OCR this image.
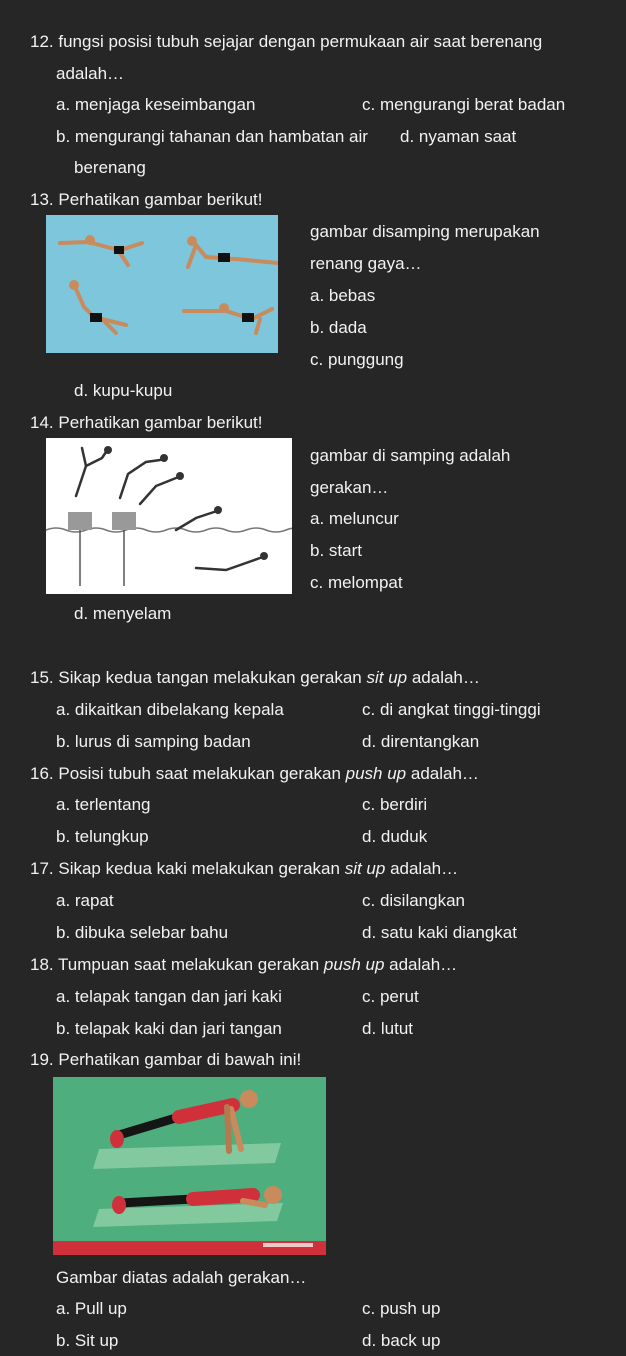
12. fungsi posisi tubuh sejajar dengan permukaan air saat berenang
adalah…
a. menjaga keseimbangan	c. mengurangi berat badan
b. mengurangi tahanan dan hambatan air d. nyaman saat
berenang
13. Perhatikan gambar berikut!
gambar disamping merupakan
renang gaya…
a. bebas
b. dada
c. punggung
d. kupu-kupu
14. Perhatikan gambar berikut!
gambar di samping adalah
gerakan…
a. meluncur
b. start
c. melompat
d. menyelam
15. Sikap kedua tangan melakukan gerakan sit up adalah…
a. dikaitkan dibelakang kepala	c. di angkat tinggi-tinggi
b. lurus di samping badan	d. direntangkan
16. Posisi tubuh saat melakukan gerakan push up adalah…
a. terlentang	c. berdiri
b. telungkup	d. duduk
17. Sikap kedua kaki melakukan gerakan sit up adalah…
a. rapat	c. disilangkan
b. dibuka selebar bahu	d. satu kaki diangkat
18. Tumpuan saat melakukan gerakan push up adalah…
a. telapak tangan dan jari kaki	c. perut
b. telapak kaki dan jari tangan	d. lutut
19. Perhatikan gambar di bawah ini!
Gambar diatas adalah gerakan…
a. Pull up	c. push up
b. Sit up	d. back up
